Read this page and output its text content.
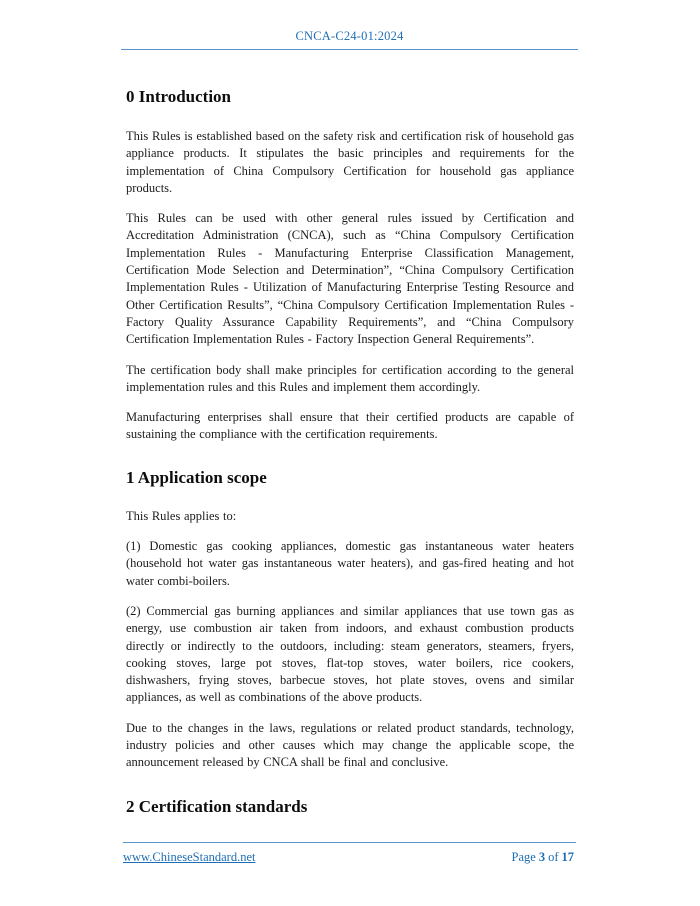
CNCA-C24-01:2024
0 Introduction

This Rules is established based on the safety risk and certification risk of household gas appliance products. It stipulates the basic principles and requirements for the implementation of China Compulsory Certification for household gas appliance products.

This Rules can be used with other general rules issued by Certification and Accreditation Administration (CNCA), such as “China Compulsory Certification Implementation Rules - Manufacturing Enterprise Classification Management, Certification Mode Selection and Determination”, “China Compulsory Certification Implementation Rules - Utilization of Manufacturing Enterprise Testing Resource and Other Certification Results”, “China Compulsory Certification Implementation Rules - Factory Quality Assurance Capability Requirements”, and “China Compulsory Certification Implementation Rules - Factory Inspection General Requirements”.

The certification body shall make principles for certification according to the general implementation rules and this Rules and implement them accordingly.

Manufacturing enterprises shall ensure that their certified products are capable of sustaining the compliance with the certification requirements.

1 Application scope

This Rules applies to:

(1) Domestic gas cooking appliances, domestic gas instantaneous water heaters (household hot water gas instantaneous water heaters), and gas-fired heating and hot water combi-boilers.

(2) Commercial gas burning appliances and similar appliances that use town gas as energy, use combustion air taken from indoors, and exhaust combustion products directly or indirectly to the outdoors, including: steam generators, steamers, fryers, cooking stoves, large pot stoves, flat-top stoves, water boilers, rice cookers, dishwashers, frying stoves, barbecue stoves, hot plate stoves, ovens and similar appliances, as well as combinations of the above products.

Due to the changes in the laws, regulations or related product standards, technology, industry policies and other causes which may change the applicable scope, the announcement released by CNCA shall be final and conclusive.

2 Certification standards
www.ChineseStandard.net	Page 3 of 17
